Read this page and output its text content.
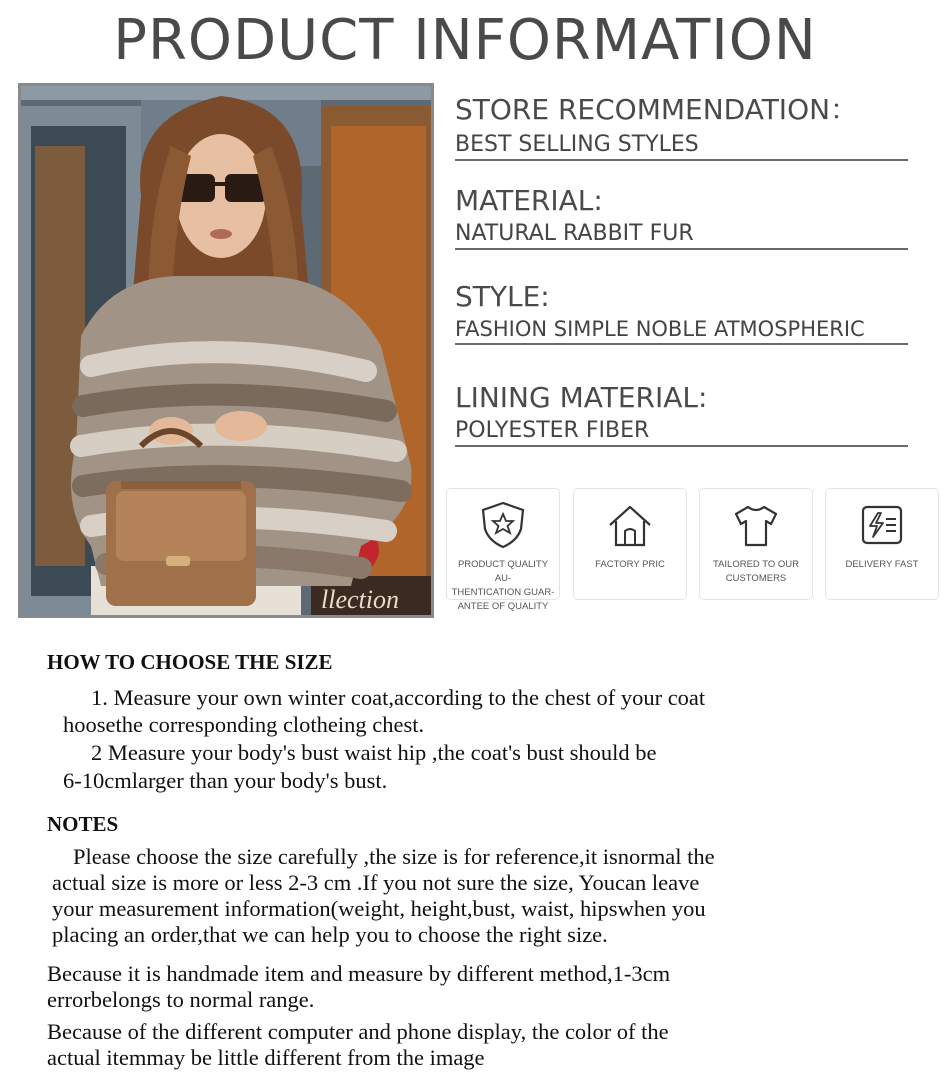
PRODUCT INFORMATION
llection
STORE RECOMMENDATION：
BEST SELLING STYLES
MATERIAL:
NATURAL RABBIT FUR
STYLE:
FASHION SIMPLE NOBLE ATMOSPHERIC
LINING MATERIAL:
POLYESTER FIBER
PRODUCT QUALITY AU-
THENTICATION GUAR-
ANTEE OF QUALITY
FACTORY PRIC	TAILORED TO OUR
CUSTOMERS
DELIVERY FAST
HOW TO CHOOSE THE SIZE
1. Measure your own winter coat,according to the chest of your coat
hoosethe corresponding clotheing chest.
2 Measure your body's bust waist hip ,the coat's bust should be
6-10cmlarger than your body's bust.
NOTES
Please choose the size carefully ,the size is for reference,it isnormal the
actual size is more or less 2-3 cm .If you not sure the size, Youcan leave
your measurement information(weight, height,bust, waist, hipswhen you
placing an order,that we can help you to choose the right size.
Because it is handmade item and measure by different method,1-3cm
errorbelongs to normal range.
Because of the different computer and phone display, the color of the
actual itemmay be little different from the image
